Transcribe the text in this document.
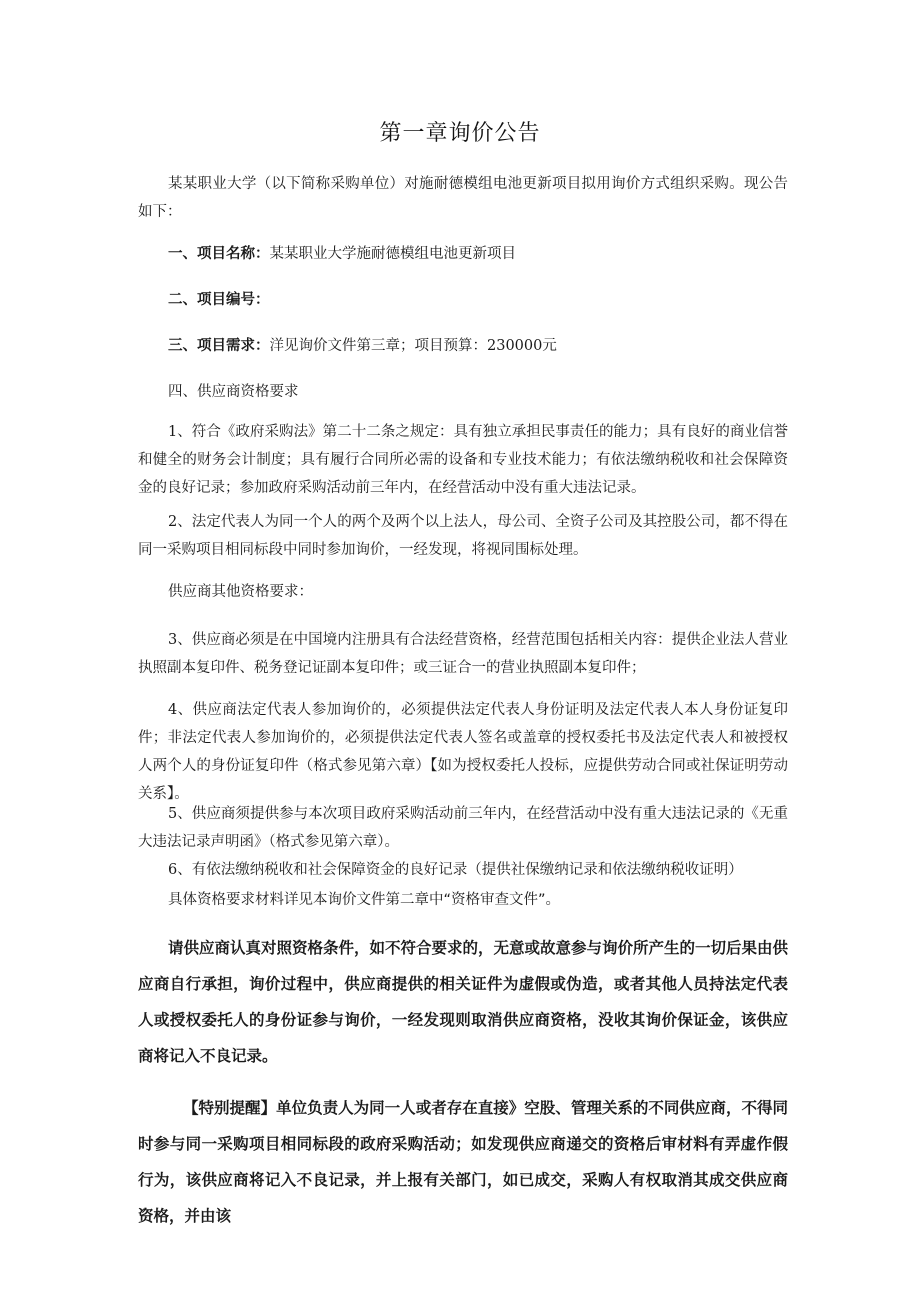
第一章询价公告

某某职业大学（以下简称采购单位）对施耐德模组电池更新项目拟用询价方式组织采购。现公告如下：

一、项目名称：某某职业大学施耐德模组电池更新项目

二、项目编号：

三、项目需求：洋见询价文件第三章；项目预算：230000元

四、供应商资格要求

1、符合《政府采购法》第二十二条之规定：具有独立承担民事责任的能力；具有良好的商业信誉和健全的财务会计制度；具有履行合同所必需的设备和专业技术能力；有依法缴纳税收和社会保障资金的良好记录；参加政府采购活动前三年内，在经营活动中没有重大违法记录。

2、法定代表人为同一个人的两个及两个以上法人，母公司、全资子公司及其控股公司，都不得在同一采购项目相同标段中同时参加询价，一经发现，将视同围标处理。

供应商其他资格要求：

3、供应商必须是在中国境内注册具有合法经营资格，经营范围包括相关内容：提供企业法人营业执照副本复印件、税务登记证副本复印件；或三证合一的营业执照副本复印件；

4、供应商法定代表人参加询价的，必须提供法定代表人身份证明及法定代表人本人身份证复印件；非法定代表人参加询价的，必须提供法定代表人签名或盖章的授权委托书及法定代表人和被授权人两个人的身份证复印件（格式参见第六章）【如为授权委托人投标，应提供劳动合同或社保证明劳动关系】。

5、供应商须提供参与本次项目政府采购活动前三年内，在经营活动中没有重大违法记录的《无重大违法记录声明函》（格式参见第六章）。

6、有依法缴纳税收和社会保障资金的良好记录（提供社保缴纳记录和依法缴纳税收证明）

具体资格要求材料详见本询价文件第二章中“资格审查文件”。

请供应商认真对照资格条件，如不符合要求的，无意或故意参与询价所产生的一切后果由供应商自行承担，询价过程中，供应商提供的相关证件为虚假或伪造，或者其他人员持法定代表人或授权委托人的身份证参与询价，一经发现则取消供应商资格，没收其询价保证金，该供应商将记入不良记录。

【特别提醒】单位负责人为同一人或者存在直接》空股、管理关系的不同供应商，不得同时参与同一采购项目相同标段的政府采购活动；如发现供应商递交的资格后审材料有弄虚作假行为，该供应商将记入不良记录，并上报有关部门，如已成交，采购人有权取消其成交供应商资格，并由该
